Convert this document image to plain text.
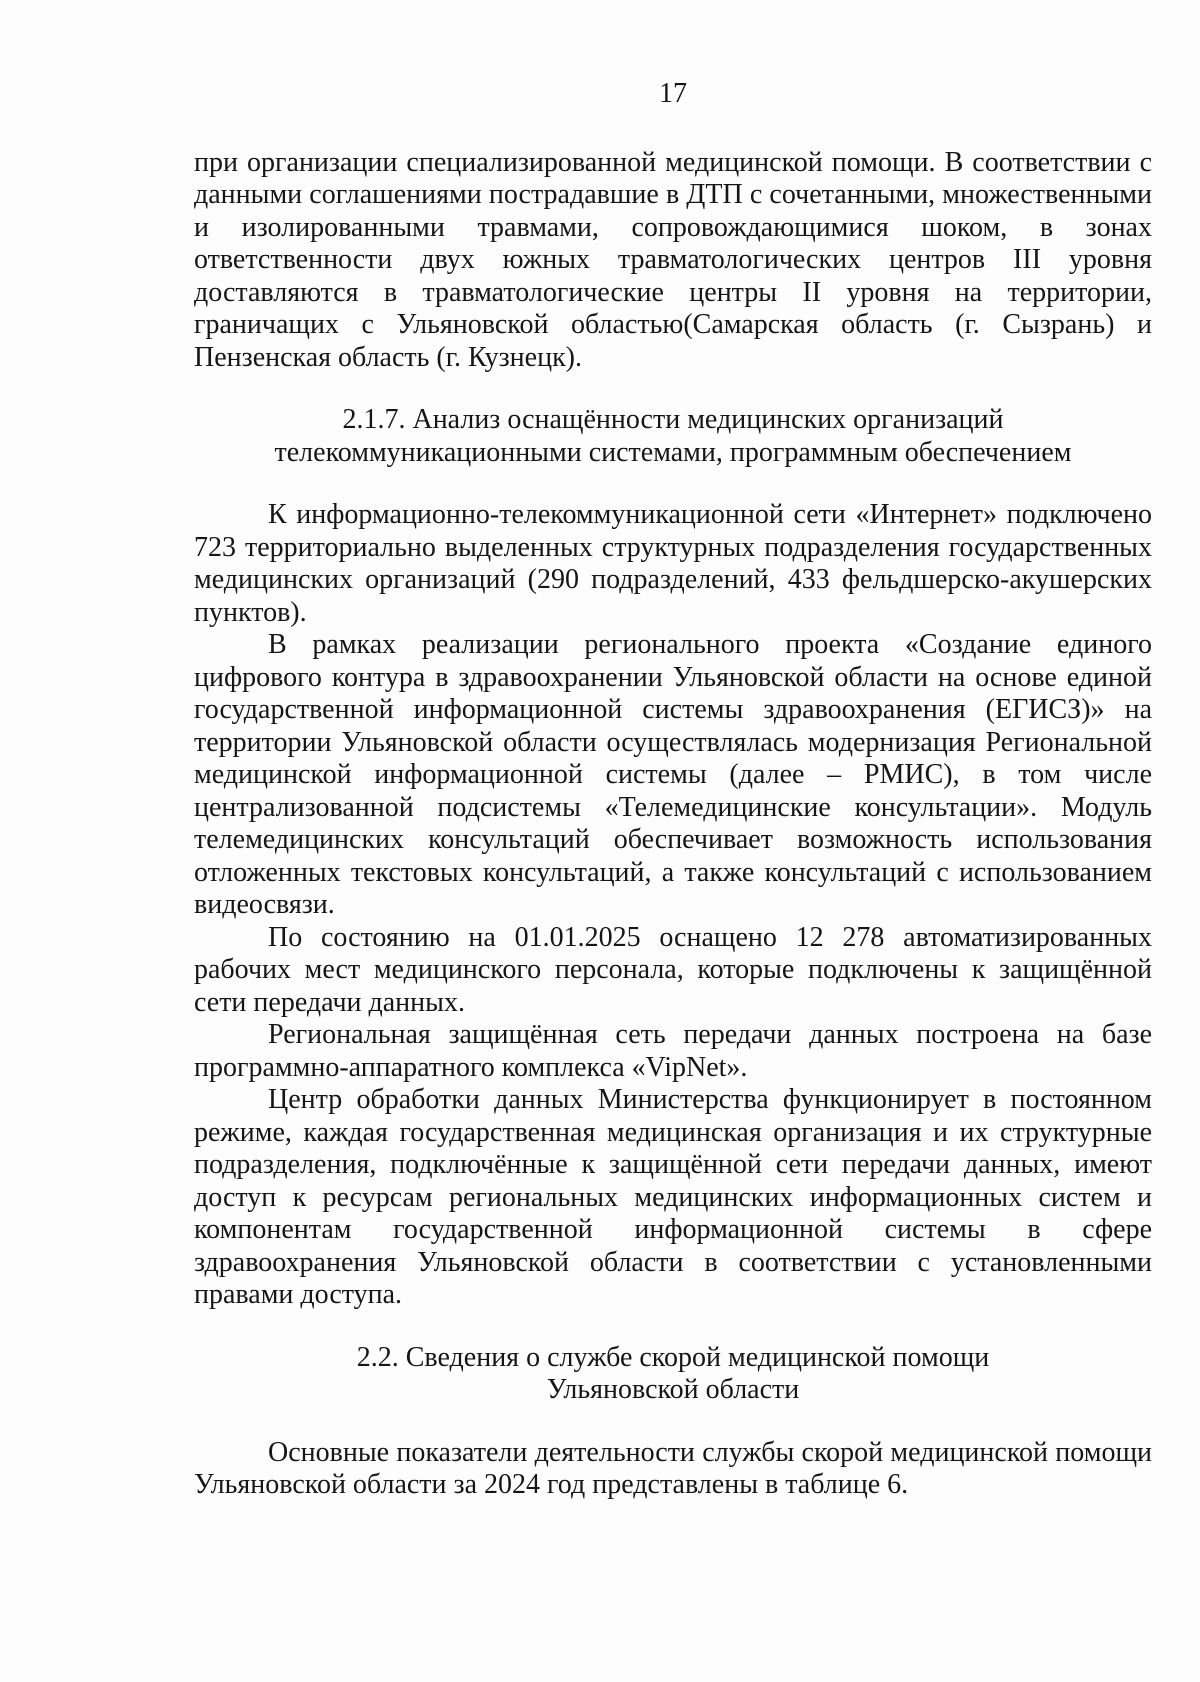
17

при организации специализированной медицинской помощи. В соответствии с данными соглашениями пострадавшие в ДТП с сочетанными, множественными и изолированными травмами, сопровождающимися шоком, в зонах ответственности двух южных травматологических центров III уровня доставляются в травматологические центры II уровня на территории, граничащих с Ульяновской областью(Самарская область (г. Сызрань) и Пензенская область (г. Кузнецк).

2.1.7. Анализ оснащённости медицинских организаций
телекоммуникационными системами, программным обеспечением

К информационно-телекоммуникационной сети «Интернет» подключено 723 территориально выделенных структурных подразделения государственных медицинских организаций (290 подразделений, 433 фельдшерско-акушерских пунктов).

В рамках реализации регионального проекта «Создание единого цифрового контура в здравоохранении Ульяновской области на основе единой государственной информационной системы здравоохранения (ЕГИСЗ)» на территории Ульяновской области осуществлялась модернизация Региональной медицинской информационной системы (далее – РМИС), в том числе централизованной подсистемы «Телемедицинские консультации». Модуль телемедицинских консультаций обеспечивает возможность использования отложенных текстовых консультаций, а также консультаций с использованием видеосвязи.

По состоянию на 01.01.2025 оснащено 12 278 автоматизированных рабочих мест медицинского персонала, которые подключены к защищённой сети передачи данных.

Региональная защищённая сеть передачи данных построена на базе программно-аппаратного комплекса «VipNet».

Центр обработки данных Министерства функционирует в постоянном режиме, каждая государственная медицинская организация и их структурные подразделения, подключённые к защищённой сети передачи данных, имеют доступ к ресурсам региональных медицинских информационных систем и компонентам государственной информационной системы в сфере здравоохранения Ульяновской области в соответствии с установленными правами доступа.

2.2. Сведения о службе скорой медицинской помощи
Ульяновской области

Основные показатели деятельности службы скорой медицинской помощи Ульяновской области за 2024 год представлены в таблице 6.
